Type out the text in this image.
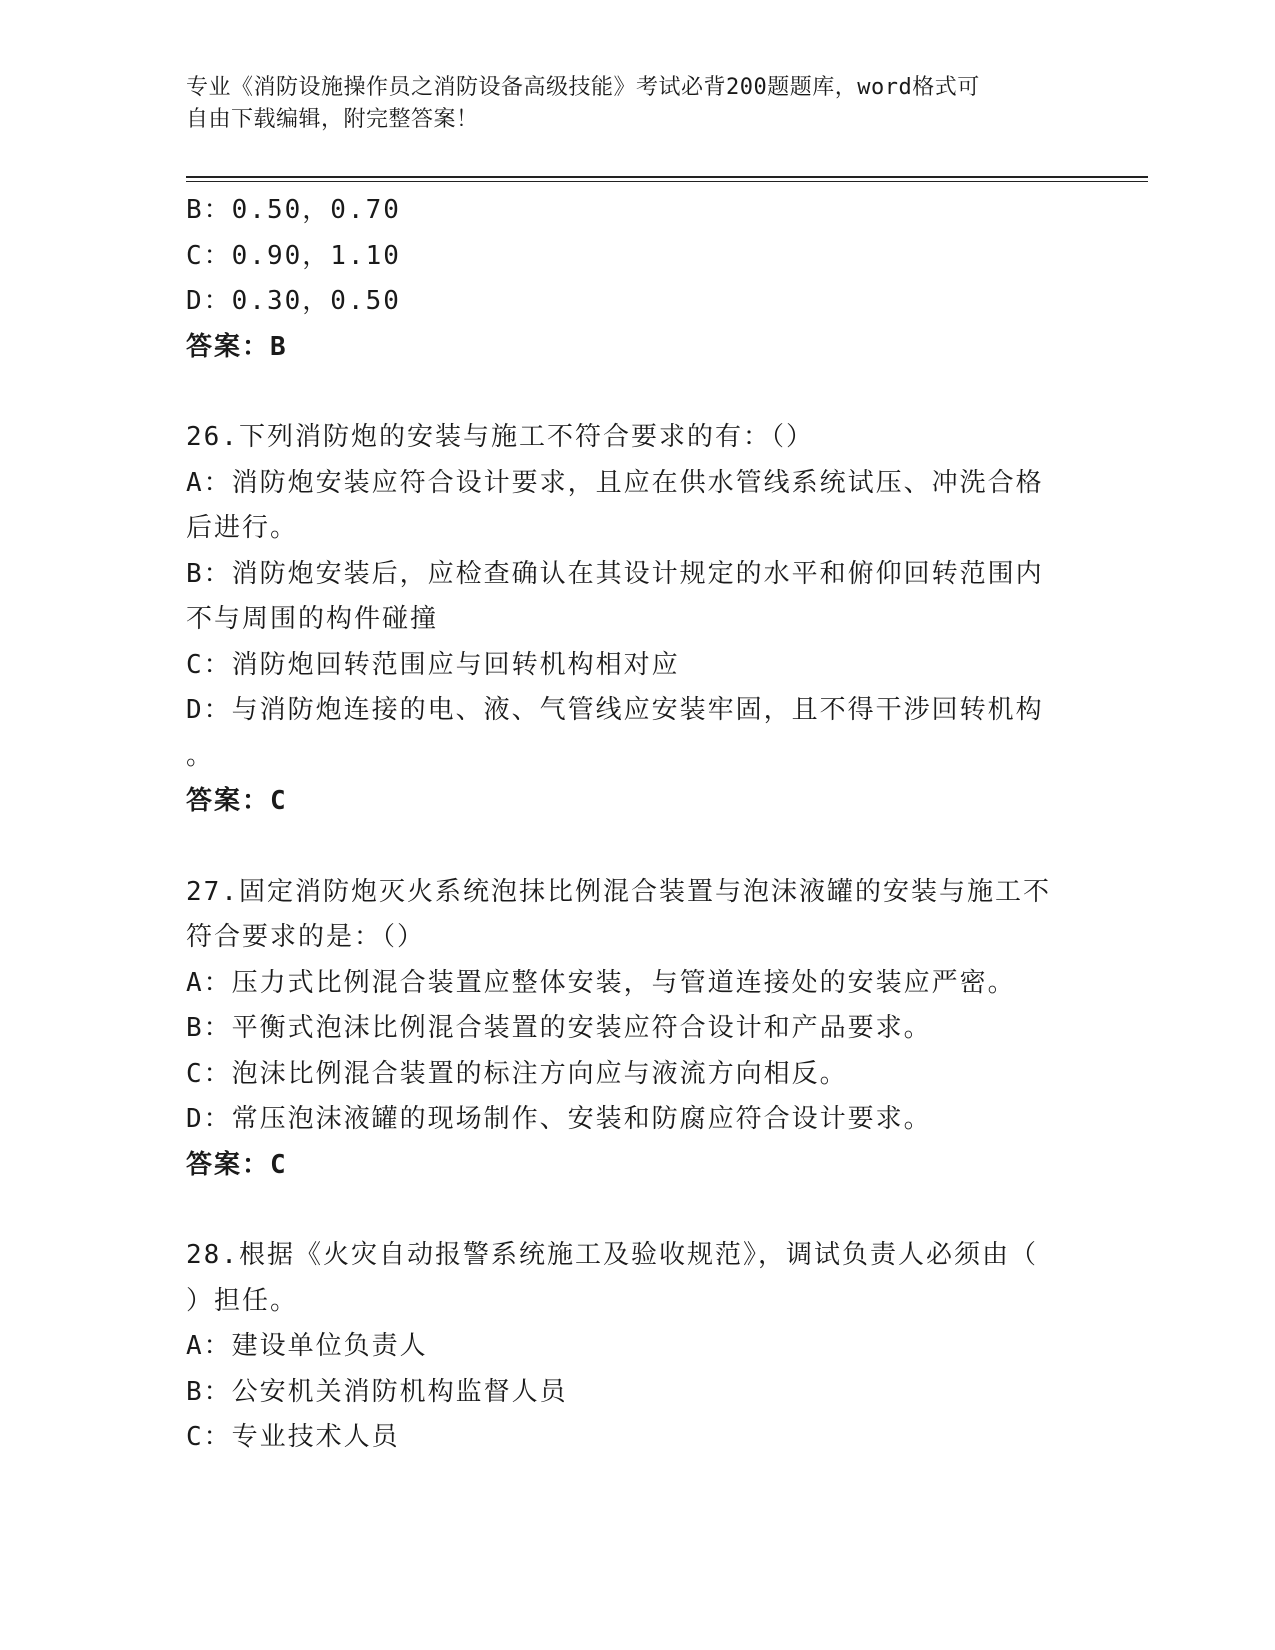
专业《消防设施操作员之消防设备高级技能》考试必背200题题库，word格式可
自由下载编辑，附完整答案！
B：0.50，0.70
C：0.90，1.10
D：0.30，0.50
答案：B
26.下列消防炮的安装与施工不符合要求的有：（）
A：消防炮安装应符合设计要求，且应在供水管线系统试压、冲洗合格
后进行。
B：消防炮安装后，应检查确认在其设计规定的水平和俯仰回转范围内
不与周围的构件碰撞
C：消防炮回转范围应与回转机构相对应
D：与消防炮连接的电、液、气管线应安装牢固，且不得干涉回转机构
。
答案：C
27.固定消防炮灭火系统泡抹比例混合装置与泡沫液罐的安装与施工不
符合要求的是：（）
A：压力式比例混合装置应整体安装，与管道连接处的安装应严密。
B：平衡式泡沫比例混合装置的安装应符合设计和产品要求。
C：泡沫比例混合装置的标注方向应与液流方向相反。
D：常压泡沫液罐的现场制作、安装和防腐应符合设计要求。
答案：C
28.根据《火灾自动报警系统施工及验收规范》，调试负责人必须由（
）担任。
A：建设单位负责人
B：公安机关消防机构监督人员
C：专业技术人员
